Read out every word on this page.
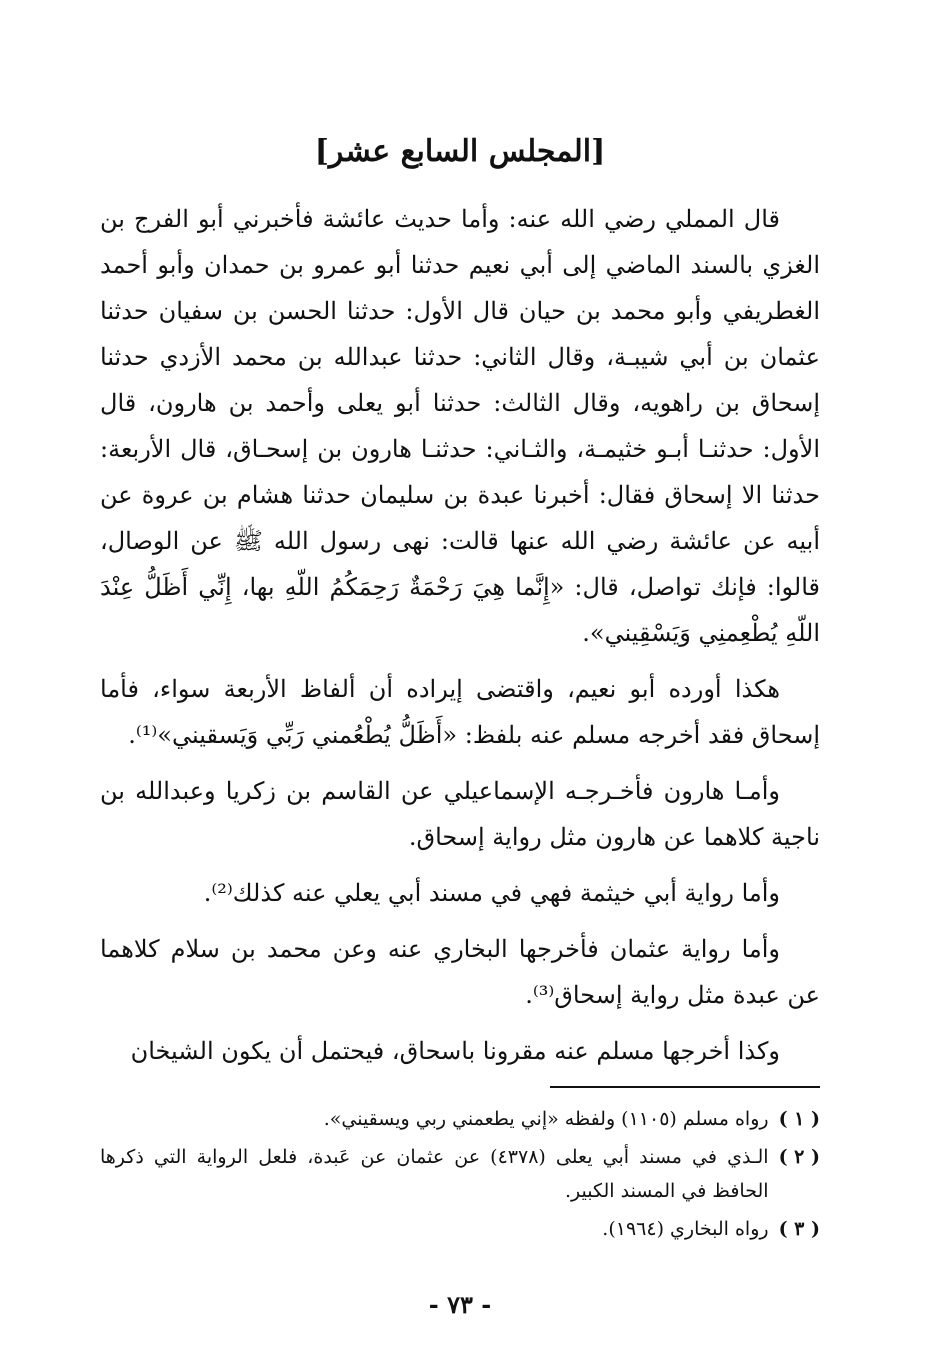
[المجلس السابع عشر]

قال المملي رضي الله عنه: وأما حديث عائشة فأخبرني أبو الفرج بن الغزي بالسند الماضي إلى أبي نعيم حدثنا أبو عمرو بن حمدان وأبو أحمد الغطريفي وأبو محمد بن حيان قال الأول: حدثنا الحسن بن سفيان حدثنا عثمان بن أبي شيبـة، وقال الثاني: حدثنا عبدالله بن محمد الأزدي حدثنا إسحاق بن راهويه، وقال الثالث: حدثنا أبو يعلى وأحمد بن هارون، قال الأول: حدثنـا أبـو خثيمـة، والثـاني: حدثنـا هارون بن إسحـاق، قال الأربعة: حدثنا الا إسحاق فقال: أخبرنا عبدة بن سليمان حدثنا هشام بن عروة عن أبيه عن عائشة رضي الله عنها قالت: نهى رسول الله ﷺ عن الوصال، قالوا: فإنك تواصل، قال: «إِنَّما هِيَ رَحْمَةٌ رَحِمَكُمُ اللّهِ بها، إِنِّي أَظَلُّ عِنْدَ اللّهِ يُطْعِمنِي وَيَسْقِيني».

هكذا أورده أبو نعيم، واقتضى إيراده أن ألفاظ الأربعة سواء، فأما إسحاق فقد أخرجه مسلم عنه بلفظ: «أَظَلُّ يُطْعُمني رَبِّي وَيَسقيني»⁽¹⁾.

وأمـا هارون فأخـرجـه الإسماعيلي عن القاسم بن زكريا وعبدالله بن ناجية كلاهما عن هارون مثل رواية إسحاق.

وأما رواية أبي خيثمة فهي في مسند أبي يعلي عنه كذلك⁽²⁾.

وأما رواية عثمان فأخرجها البخاري عنه وعن محمد بن سلام كلاهما عن عبدة مثل رواية إسحاق⁽³⁾.

وكذا أخرجها مسلم عنه مقرونا باسحاق، فيحتمل أن يكون الشيخان

( ١ )
رواه مسلم (١١٠٥) ولفظه «إني يطعمني ربي ويسقيني».
( ٢ )
الـذي في مسند أبي يعلى (٤٣٧٨) عن عثمان عن عَبدة، فلعل الرواية التي ذكرها الحافظ في المسند الكبير.
( ٣ )
رواه البخاري (١٩٦٤).
- ٧٣ -
